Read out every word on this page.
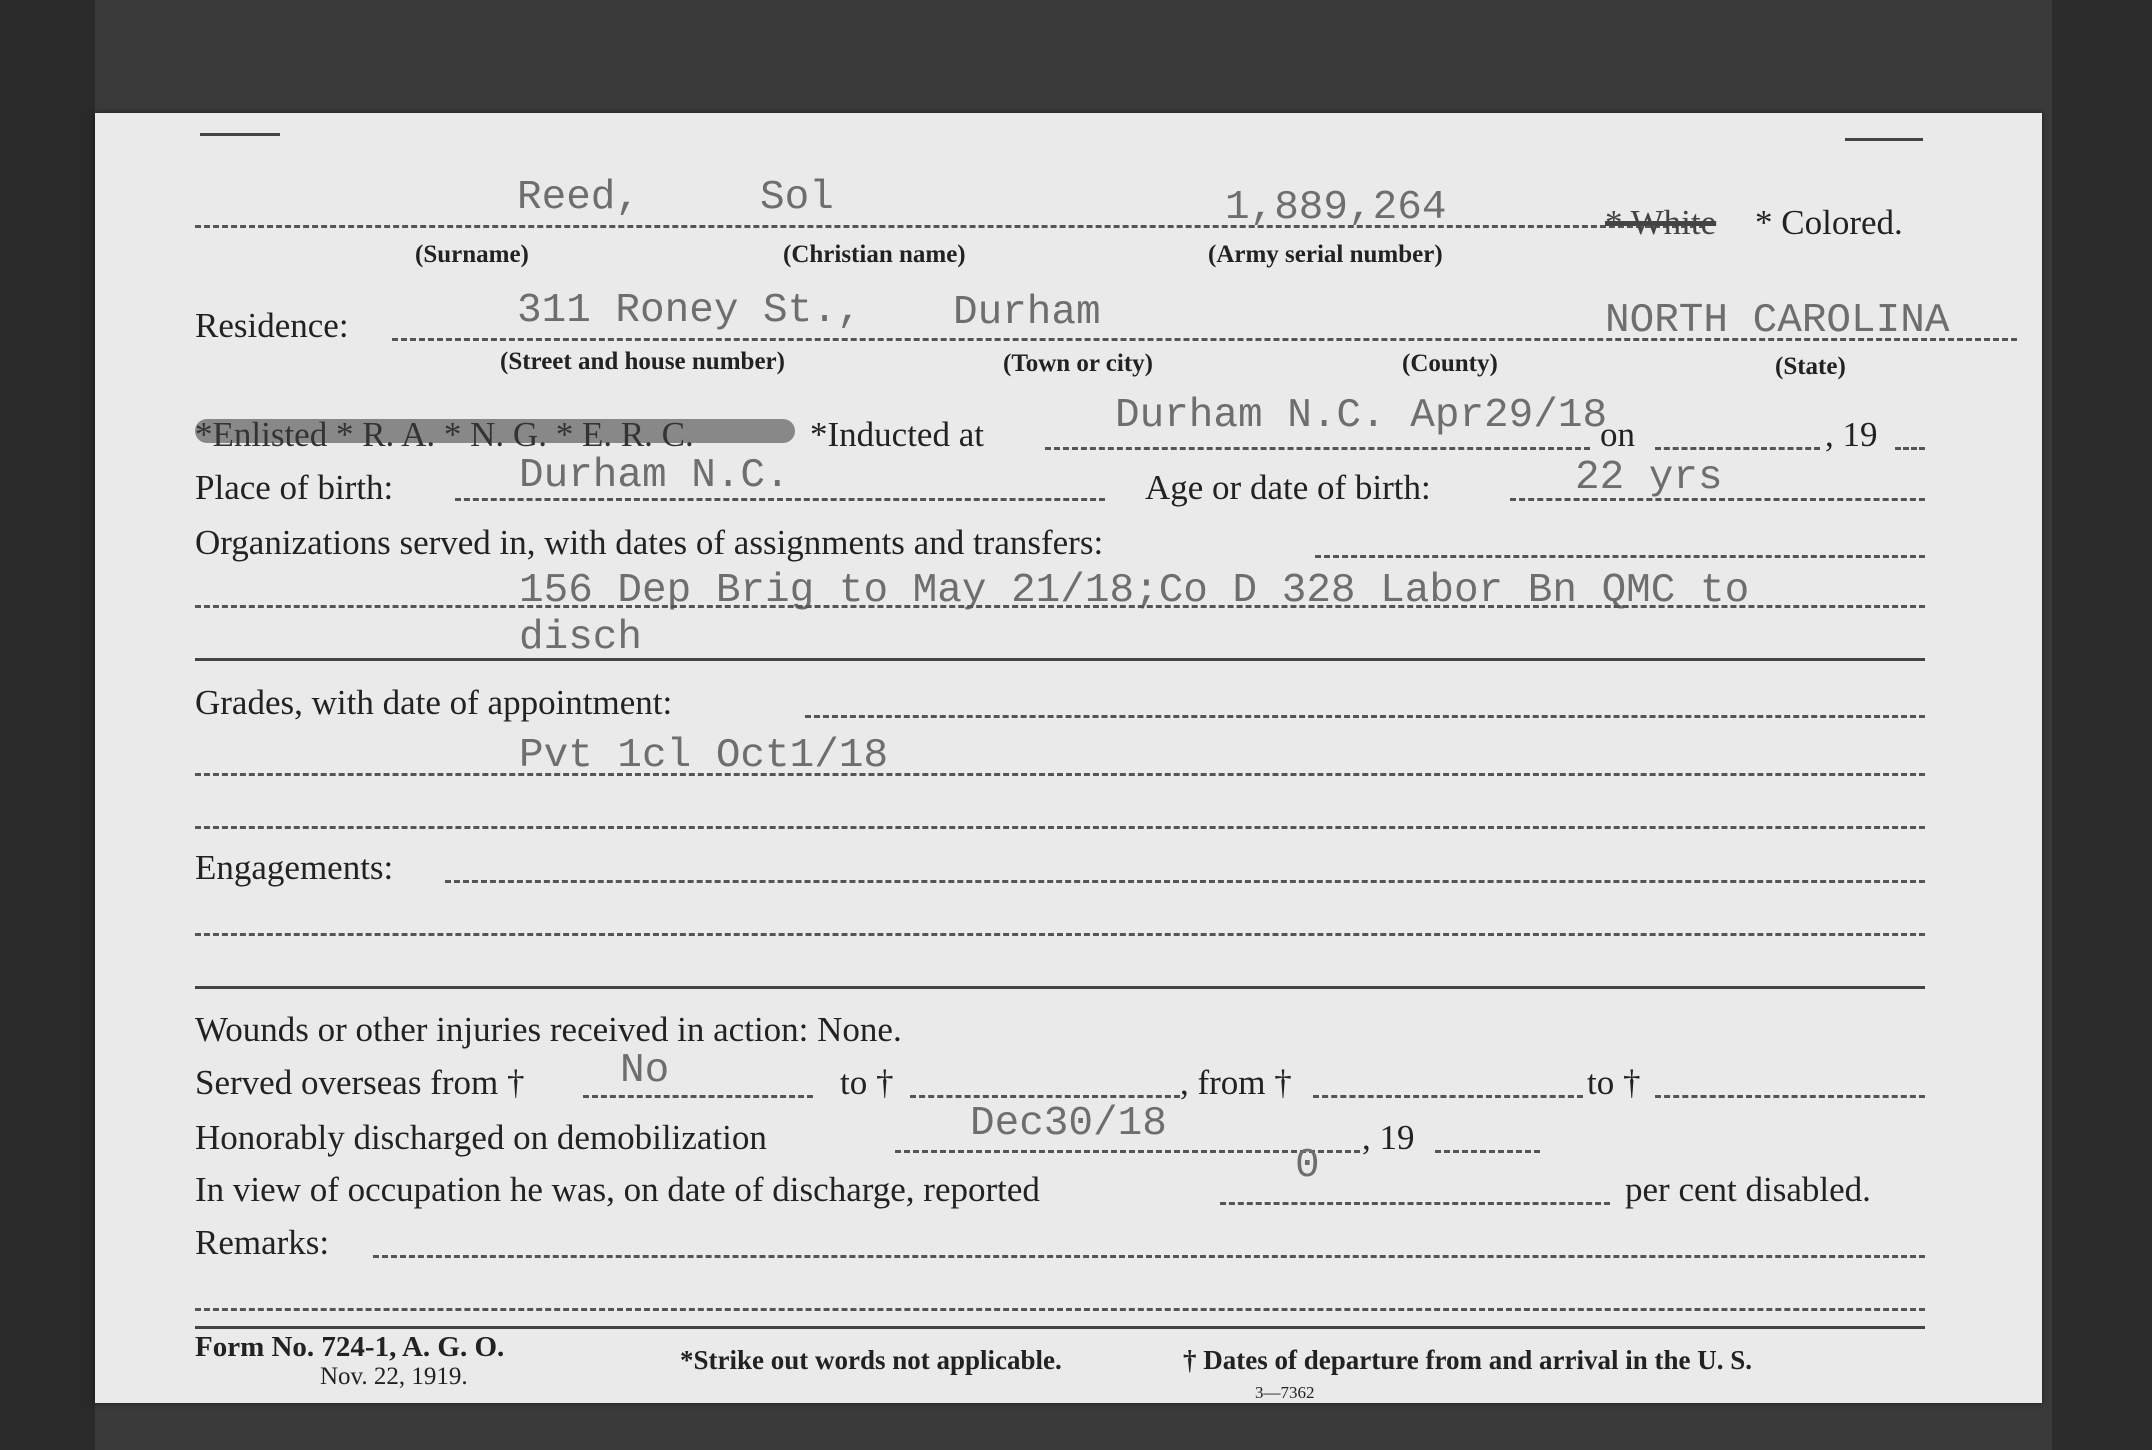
Reed,	Sol	1,889,264	* White * Colored.
(Surname)	(Christian name)	(Army serial number)
Residence:	311 Roney St., Durham	NORTH CAROLINA
(Street and house number)	(Town or city)	(County)	(State)
*Enlisted * R. A. * N. G. * E. R. C.	*Inducted at	Durham N.C. Apr29/18
on	, 19
Place of birth:	Durham N.C.	Age or date of birth:	22 yrs
Organizations served in, with dates of assignments and transfers:
156 Dep Brig to May 21/18;Co D 328 Labor Bn QMC to
disch
Grades, with date of appointment:
Pvt 1cl Oct1/18
Engagements:
Wounds or other injuries received in action: None.
Served overseas from † No	to †	, from †	to †
Honorably discharged on demobilization	Dec30/18	, 19
In view of occupation he was, on date of discharge, reported
0
per cent disabled.
Remarks:
Form No. 724-1, A. G. O.
Nov. 22, 1919.
*Strike out words not applicable.	† Dates of departure from and arrival in the U. S.
3—7362
